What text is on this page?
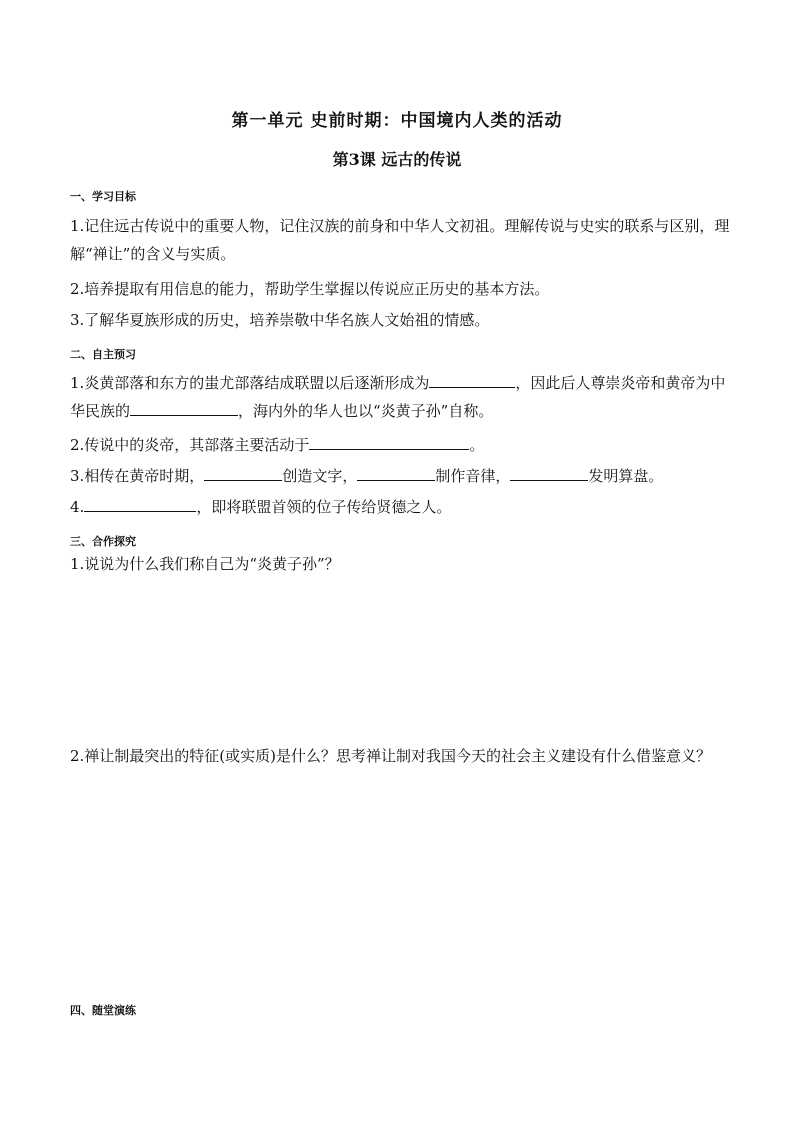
第一单元 史前时期：中国境内人类的活动
第3课 远古的传说
一、学习目标
1.记住远古传说中的重要人物，记住汉族的前身和中华人文初祖。理解传说与史实的联系与区别，理解“禅让”的含义与实质。
2.培养提取有用信息的能力，帮助学生掌握以传说应正历史的基本方法。
3.了解华夏族形成的历史，培养崇敬中华名族人文始祖的情感。
二、自主预习
1.炎黄部落和东方的蚩尤部落结成联盟以后逐渐形成为	，因此后人尊崇炎帝和黄帝为中华民族的	，海内外的华人也以“炎黄子孙”自称。
2.传说中的炎帝，其部落主要活动于	。
3.相传在黄帝时期，	创造文字，	制作音律，	发明算盘。
4.	，即将联盟首领的位子传给贤德之人。
三、合作探究
1.说说为什么我们称自己为“炎黄子孙”？
2.禅让制最突出的特征(或实质)是什么？思考禅让制对我国今天的社会主义建设有什么借鉴意义？
四、随堂演练
